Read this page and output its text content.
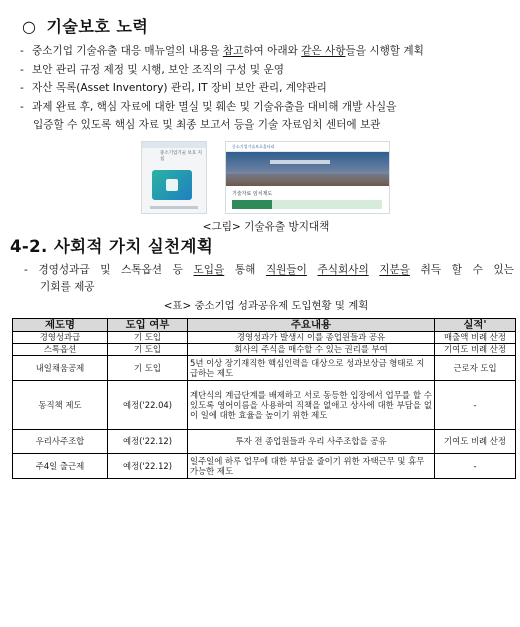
○ 기술보호 노력
- 중소기업 기술유출 대응 매뉴얼의 내용을 참고하여 아래와 같은 사항들을 시행할 계획
- 보안 관리 규정 제정 및 시행, 보안 조직의 구성 및 운영
- 자산 목록(Asset Inventory) 관리, IT 장비 보안 관리, 계약관리
- 과제 완료 후, 핵심 자료에 대한 멸실 및 훼손 및 기술유출을 대비해 개발 사실을
입증할 수 있도록 핵심 자료 및 최종 보고서 등을 기술 자료임치 센터에 보관
중소기업기술 보호 지침
중소기업기술보호울타리
기술자료 임치제도
<그림> 기술유출 방지대책
4-2. 사회적 가치 실천계획
- 경영성과급 및 스톡옵션 등 도입을 통해 직원들이 주식회사의 지분을 취득 할 수 있는
기회를 제공
<표> 중소기업 성과공유제 도입현황 및 계획
제도명	도입 여부	주요내용	실적'
경영성과급	기 도입	경영성과가 발생시 이를 종업원들과 공유	매출액 비례 산정
스톡옵션	기 도입	회사의 주식을 매수할 수 있는 권리를 부여	기여도 비례 산정
내일채움공제	기 도입	5년 이상 장기재직한 핵심인력을 대상으로 성과보상금 형태로 지급하는 제도	근로자 도입
동직책 제도	예정('22.04)	계단식의 계급단계를 배제하고 서로 동등한 입장에서 업무를 할 수 있도록 영어이름을 사용하여 직책을 없애고 상사에 대한 부담을 없이 일에 대한 효율을 높이기 위한 제도	-
우리사주조합	예정('22.12)	투자 전 종업원들과 우리 사주조합을 공유	기여도 비례 산정
주4일 출근제	예정('22.12)	일주일에 하루 업무에 대한 부담을 줄이기 위한 자택근무 및 휴무 가능한 제도	-
